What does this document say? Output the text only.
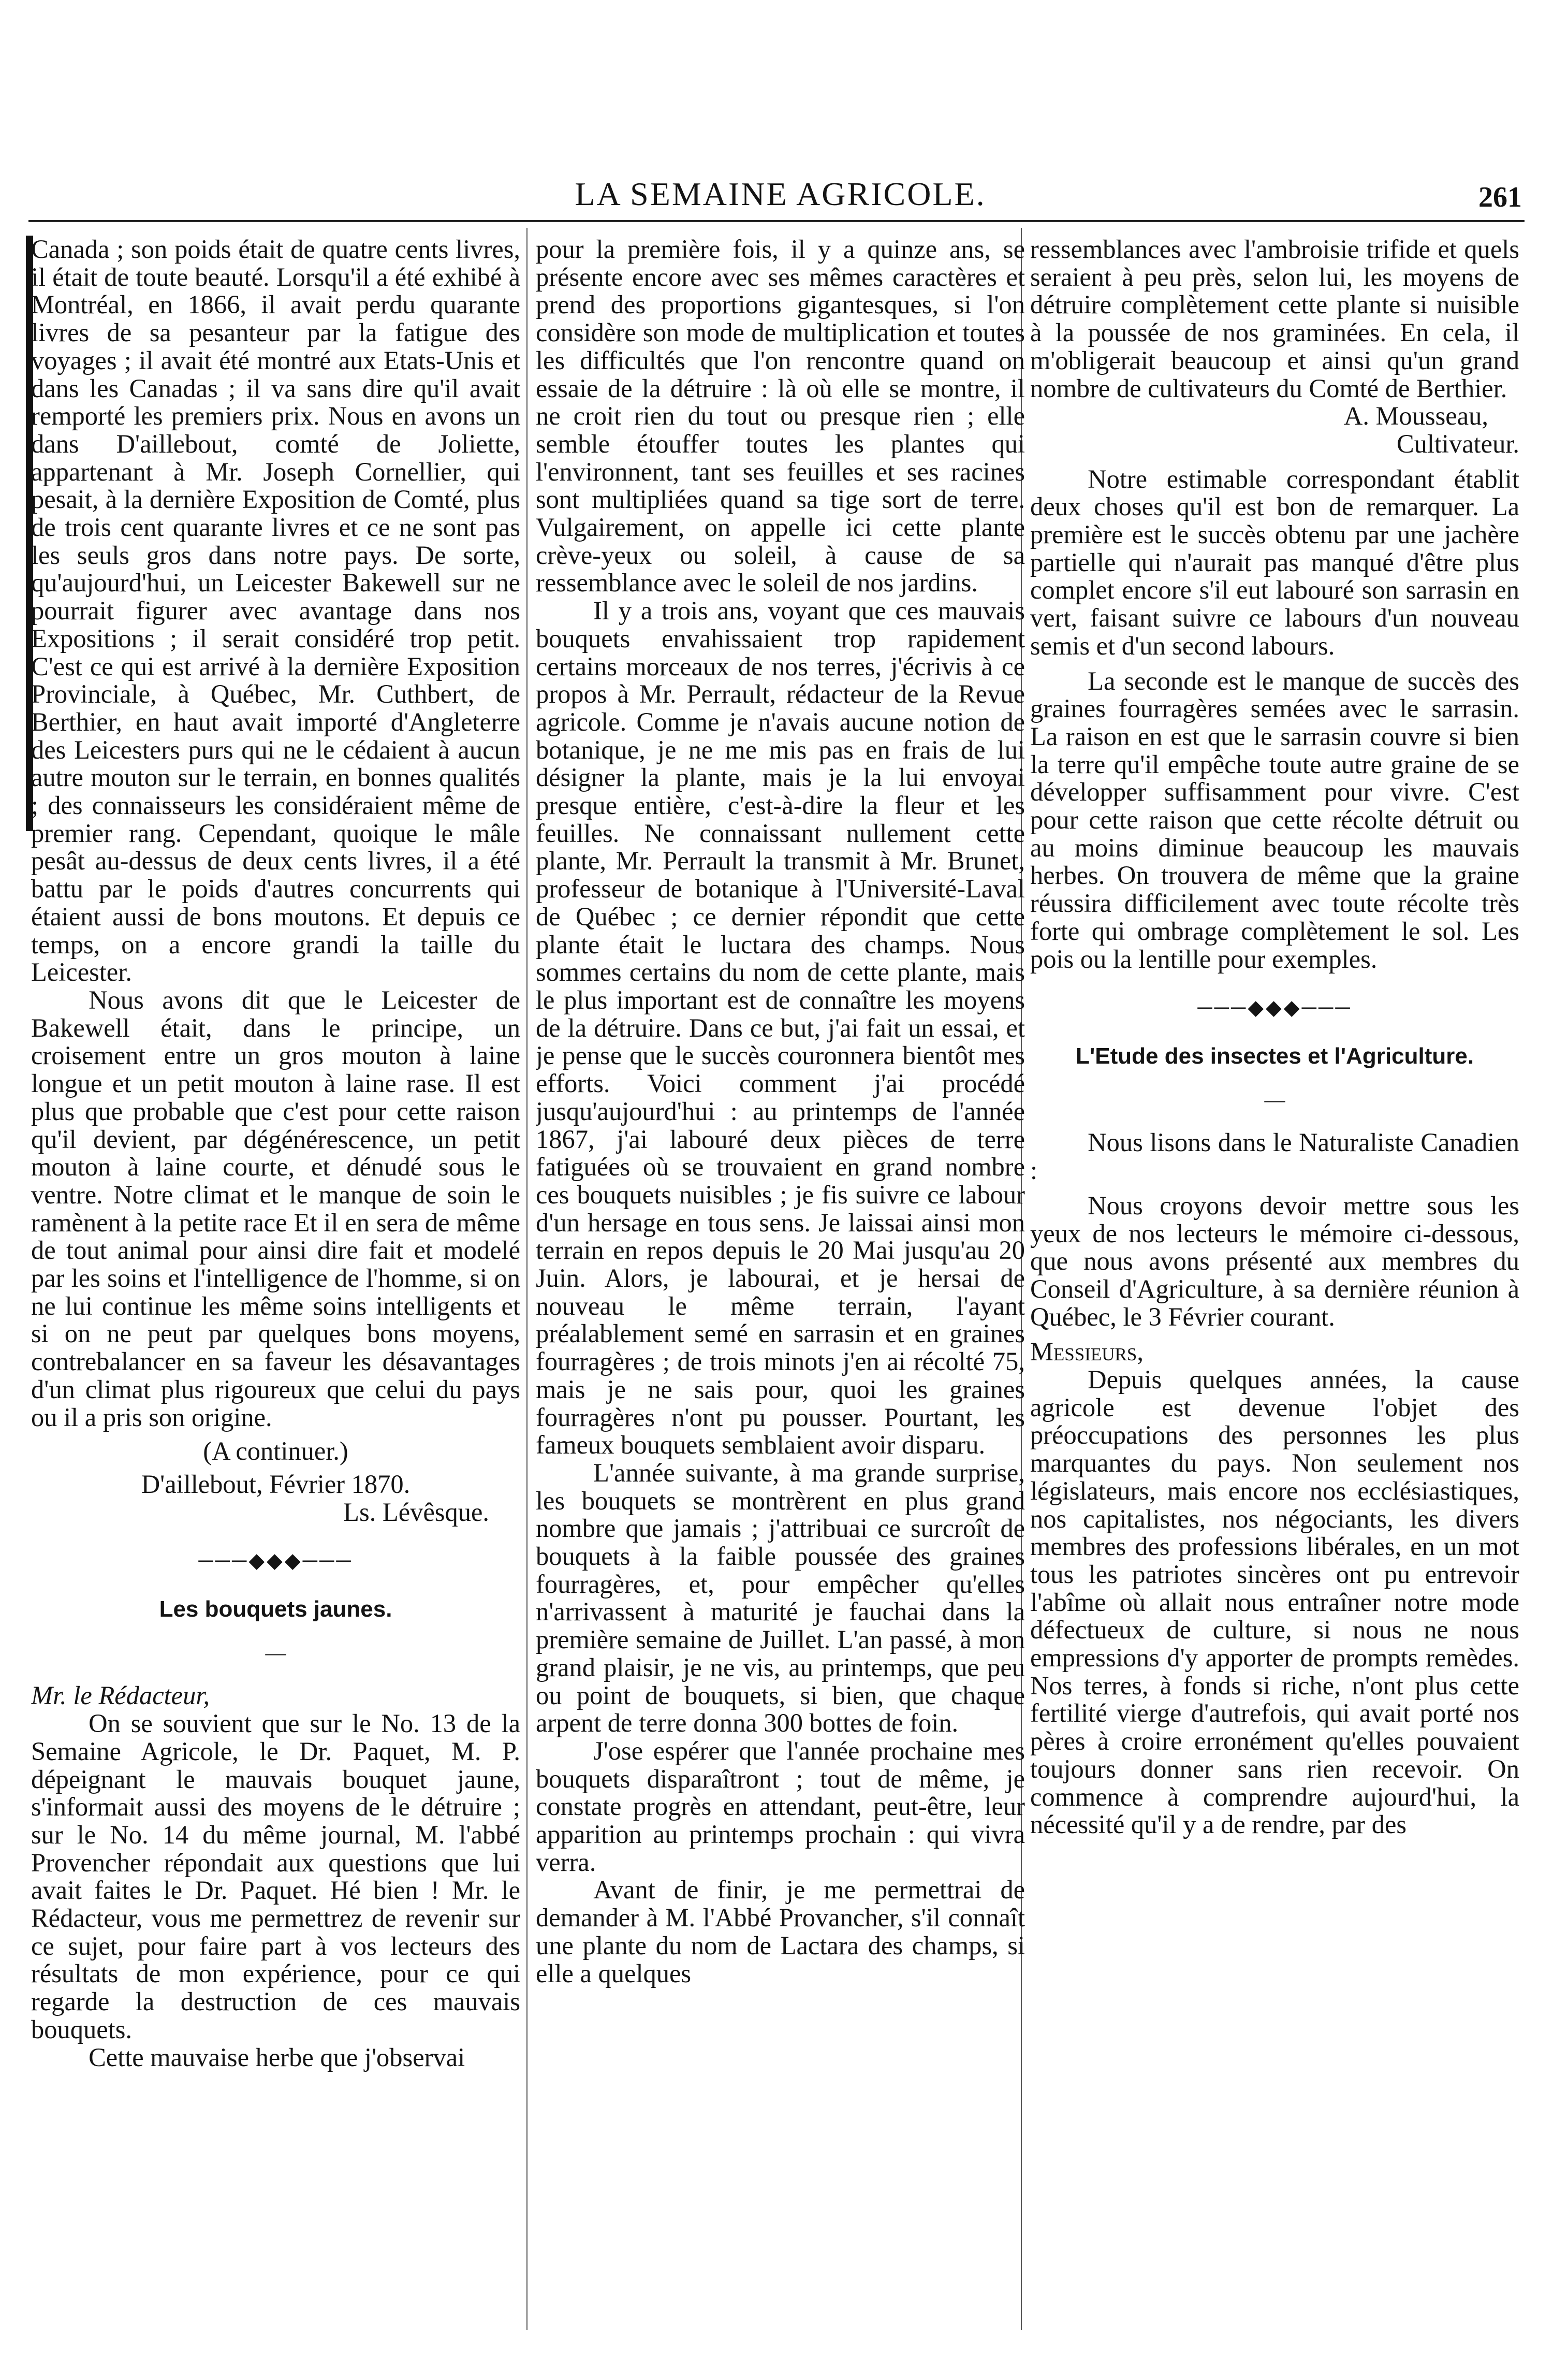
LA SEMAINE AGRICOLE.	261

Canada ; son poids était de quatre cents livres, il était de toute beauté. Lorsqu'il a été exhibé à Montréal, en 1866, il avait perdu quarante livres de sa pesanteur par la fatigue des voyages ; il avait été montré aux Etats-Unis et dans les Canadas ; il va sans dire qu'il avait remporté les premiers prix. Nous en avons un dans D'aillebout, comté de Joliette, appartenant à Mr. Joseph Cornellier, qui pesait, à la dernière Exposition de Comté, plus de trois cent quarante livres et ce ne sont pas les seuls gros dans notre pays. De sorte, qu'aujourd'hui, un Leicester Bakewell sur ne pourrait figurer avec avantage dans nos Expositions ; il serait considéré trop petit. C'est ce qui est arrivé à la dernière Exposition Provinciale, à Québec, Mr. Cuthbert, de Berthier, en haut avait importé d'Angleterre des Leicesters purs qui ne le cédaient à aucun autre mouton sur le terrain, en bonnes qualités ; des connaisseurs les considéraient même de premier rang. Cependant, quoique le mâle pesât au-dessus de deux cents livres, il a été battu par le poids d'autres concurrents qui étaient aussi de bons moutons. Et depuis ce temps, on a encore grandi la taille du Leicester.

Nous avons dit que le Leicester de Bakewell était, dans le principe, un croisement entre un gros mouton à laine longue et un petit mouton à laine rase. Il est plus que probable que c'est pour cette raison qu'il devient, par dégénérescence, un petit mouton à laine courte, et dénudé sous le ventre. Notre climat et le manque de soin le ramènent à la petite race Et il en sera de même de tout animal pour ainsi dire fait et modelé par les soins et l'intelligence de l'homme, si on ne lui continue les même soins intelligents et si on ne peut par quelques bons moyens, contrebalancer en sa faveur les désavantages d'un climat plus rigoureux que celui du pays ou il a pris son origine.

(A continuer.)

D'aillebout, Février 1870.

Ls. Lévêsque.

───◆◆◆───
Les bouquets jaunes.
—

Mr. le Rédacteur,

On se souvient que sur le No. 13 de la Semaine Agricole, le Dr. Paquet, M. P. dépeignant le mauvais bouquet jaune, s'informait aussi des moyens de le détruire ; sur le No. 14 du même journal, M. l'abbé Provencher répondait aux questions que lui avait faites le Dr. Paquet. Hé bien ! Mr. le Rédacteur, vous me permettrez de revenir sur ce sujet, pour faire part à vos lecteurs des résultats de mon expérience, pour ce qui regarde la destruction de ces mauvais bouquets.

Cette mauvaise herbe que j'observai

pour la première fois, il y a quinze ans, se présente encore avec ses mêmes caractères et prend des proportions gigantesques, si l'on considère son mode de multiplication et toutes les difficultés que l'on rencontre quand on essaie de la détruire : là où elle se montre, il ne croit rien du tout ou presque rien ; elle semble étouffer toutes les plantes qui l'environnent, tant ses feuilles et ses racines sont multipliées quand sa tige sort de terre. Vulgairement, on appelle ici cette plante crève-yeux ou soleil, à cause de sa ressemblance avec le soleil de nos jardins.

Il y a trois ans, voyant que ces mauvais bouquets envahissaient trop rapidement certains morceaux de nos terres, j'écrivis à ce propos à Mr. Perrault, rédacteur de la Revue agricole. Comme je n'avais aucune notion de botanique, je ne me mis pas en frais de lui désigner la plante, mais je la lui envoyai presque entière, c'est-à-dire la fleur et les feuilles. Ne connaissant nullement cette plante, Mr. Perrault la transmit à Mr. Brunet, professeur de botanique à l'Université-Laval de Québec ; ce dernier répondit que cette plante était le luctara des champs. Nous sommes certains du nom de cette plante, mais le plus important est de connaître les moyens de la détruire. Dans ce but, j'ai fait un essai, et je pense que le succès couronnera bientôt mes efforts. Voici comment j'ai procédé jusqu'aujourd'hui : au printemps de l'année 1867, j'ai labouré deux pièces de terre fatiguées où se trouvaient en grand nombre ces bouquets nuisibles ; je fis suivre ce labour d'un hersage en tous sens. Je laissai ainsi mon terrain en repos depuis le 20 Mai jusqu'au 20 Juin. Alors, je labourai, et je hersai de nouveau le même terrain, l'ayant préalablement semé en sarrasin et en graines fourragères ; de trois minots j'en ai récolté 75, mais je ne sais pour, quoi les graines fourragères n'ont pu pousser. Pourtant, les fameux bouquets semblaient avoir disparu.

L'année suivante, à ma grande surprise, les bouquets se montrèrent en plus grand nombre que jamais ; j'attribuai ce surcroît de bouquets à la faible poussée des graines fourragères, et, pour empêcher qu'elles n'arrivassent à maturité je fauchai dans la première semaine de Juillet. L'an passé, à mon grand plaisir, je ne vis, au printemps, que peu ou point de bouquets, si bien, que chaque arpent de terre donna 300 bottes de foin.

J'ose espérer que l'année prochaine mes bouquets disparaîtront ; tout de même, je constate progrès en attendant, peut-être, leur apparition au printemps prochain : qui vivra verra.

Avant de finir, je me permettrai de demander à M. l'Abbé Provancher, s'il connaît une plante du nom de Lactara des champs, si elle a quelques

ressemblances avec l'ambroisie trifide et quels seraient à peu près, selon lui, les moyens de détruire complètement cette plante si nuisible à la poussée de nos graminées. En cela, il m'obligerait beaucoup et ainsi qu'un grand nombre de cultivateurs du Comté de Berthier.

A. Mousseau,

Cultivateur.

Notre estimable correspondant établit deux choses qu'il est bon de remarquer. La première est le succès obtenu par une jachère partielle qui n'aurait pas manqué d'être plus complet encore s'il eut labouré son sarrasin en vert, faisant suivre ce labours d'un nouveau semis et d'un second labours.

La seconde est le manque de succès des graines fourragères semées avec le sarrasin. La raison en est que le sarrasin couvre si bien la terre qu'il empêche toute autre graine de se développer suffisamment pour vivre. C'est pour cette raison que cette récolte détruit ou au moins diminue beaucoup les mauvais herbes. On trouvera de même que la graine réussira difficilement avec toute récolte très forte qui ombrage complètement le sol. Les pois ou la lentille pour exemples.

───◆◆◆───
L'Etude des insectes et l'Agriculture.
—

Nous lisons dans le Naturaliste Canadien :

Nous croyons devoir mettre sous les yeux de nos lecteurs le mémoire ci-dessous, que nous avons présenté aux membres du Conseil d'Agriculture, à sa dernière réunion à Québec, le 3 Février courant.

Messieurs,

Depuis quelques années, la cause agricole est devenue l'objet des préoccupations des personnes les plus marquantes du pays. Non seulement nos législateurs, mais encore nos ecclésiastiques, nos capitalistes, nos négociants, les divers membres des professions libérales, en un mot tous les patriotes sincères ont pu entrevoir l'abîme où allait nous entraîner notre mode défectueux de culture, si nous ne nous empressions d'y apporter de prompts remèdes. Nos terres, à fonds si riche, n'ont plus cette fertilité vierge d'autrefois, qui avait porté nos pères à croire erronément qu'elles pouvaient toujours donner sans rien recevoir. On commence à comprendre aujourd'hui, la nécessité qu'il y a de rendre, par des
